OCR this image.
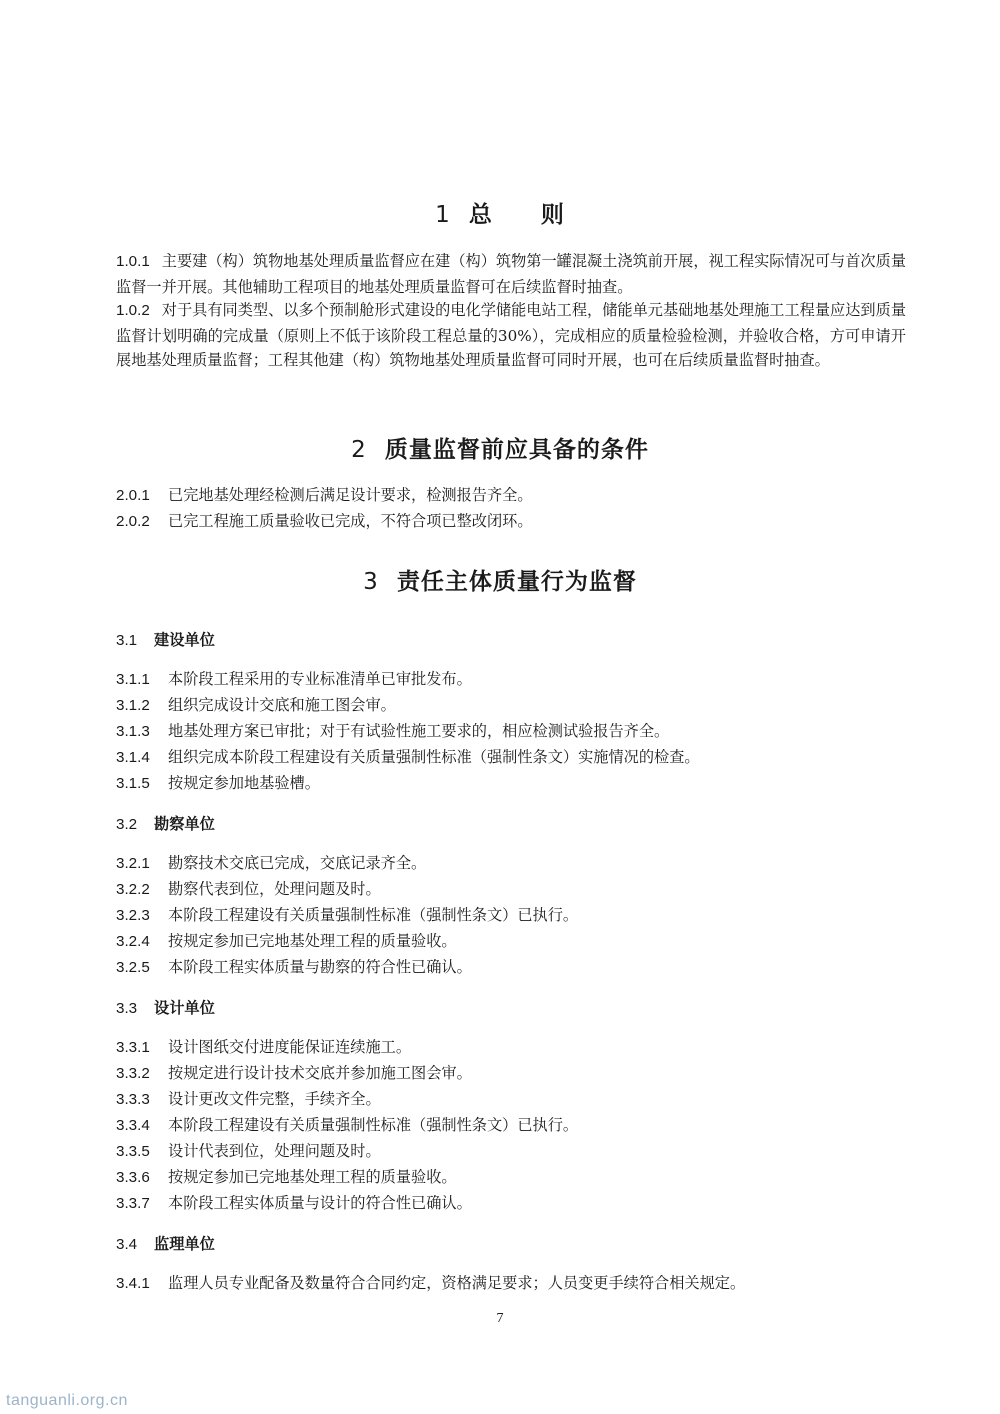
1 总　　则
1.0.1 主要建（构）筑物地基处理质量监督应在建（构）筑物第一罐混凝土浇筑前开展，视工程实际情况可与首次质量监督一并开展。其他辅助工程项目的地基处理质量监督可在后续监督时抽查。
1.0.2 对于具有同类型、以多个预制舱形式建设的电化学储能电站工程，储能单元基础地基处理施工工程量应达到质量监督计划明确的完成量（原则上不低于该阶段工程总量的30%），完成相应的质量检验检测，并验收合格，方可申请开展地基处理质量监督；工程其他建（构）筑物地基处理质量监督可同时开展，也可在后续质量监督时抽查。
2 质量监督前应具备的条件
2.0.1 已完地基处理经检测后满足设计要求，检测报告齐全。
2.0.2 已完工程施工质量验收已完成，不符合项已整改闭环。
3 责任主体质量行为监督
3.1 建设单位
3.1.1 本阶段工程采用的专业标准清单已审批发布。
3.1.2 组织完成设计交底和施工图会审。
3.1.3 地基处理方案已审批；对于有试验性施工要求的，相应检测试验报告齐全。
3.1.4 组织完成本阶段工程建设有关质量强制性标准（强制性条文）实施情况的检查。
3.1.5 按规定参加地基验槽。
3.2 勘察单位
3.2.1 勘察技术交底已完成，交底记录齐全。
3.2.2 勘察代表到位，处理问题及时。
3.2.3 本阶段工程建设有关质量强制性标准（强制性条文）已执行。
3.2.4 按规定参加已完地基处理工程的质量验收。
3.2.5 本阶段工程实体质量与勘察的符合性已确认。
3.3 设计单位
3.3.1 设计图纸交付进度能保证连续施工。
3.3.2 按规定进行设计技术交底并参加施工图会审。
3.3.3 设计更改文件完整，手续齐全。
3.3.4 本阶段工程建设有关质量强制性标准（强制性条文）已执行。
3.3.5 设计代表到位，处理问题及时。
3.3.6 按规定参加已完地基处理工程的质量验收。
3.3.7 本阶段工程实体质量与设计的符合性已确认。
3.4 监理单位
3.4.1 监理人员专业配备及数量符合合同约定，资格满足要求；人员变更手续符合相关规定。
7
tanguanli.org.cn
